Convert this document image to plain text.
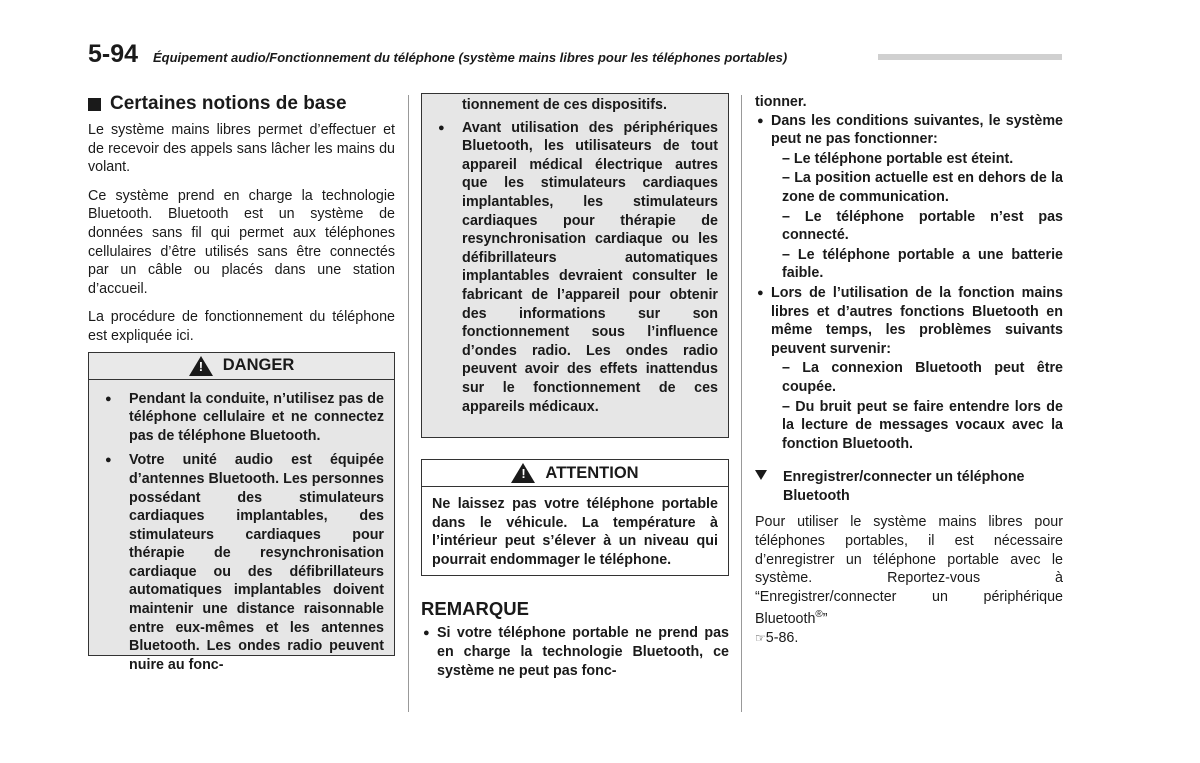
5-94 Équipement audio/Fonctionnement du téléphone (système mains libres pour les téléphones portables)
Certaines notions de base

Le système mains libres permet d’effectuer et de recevoir des appels sans lâcher les mains du volant.

Ce système prend en charge la technologie Bluetooth. Bluetooth est un système de données sans fil qui permet aux téléphones cellulaires d’être utilisés sans être connectés par un câble ou placés dans une station d’accueil.

La procédure de fonctionnement du téléphone est expliquée ici.

! DANGER
●	Pendant la conduite, n’utilisez pas de téléphone cellulaire et ne connectez pas de téléphone Bluetooth.
●	Votre unité audio est équipée d’antennes Bluetooth. Les personnes possédant des stimulateurs cardiaques implantables, des stimulateurs cardiaques pour thérapie de resynchronisation cardiaque ou des défibrillateurs automatiques implantables doivent maintenir une distance raisonnable entre eux-mêmes et les antennes Bluetooth. Les ondes radio peuvent nuire au fonc-
tionnement de ces dispositifs.
●	Avant utilisation des périphériques Bluetooth, les utilisateurs de tout appareil médical électrique autres que les stimulateurs cardiaques implantables, les stimulateurs cardiaques pour thérapie de resynchronisation cardiaque ou les défibrillateurs automatiques implantables devraient consulter le fabricant de l’appareil pour obtenir des informations sur son fonctionnement sous l’influence d’ondes radio. Les ondes radio peuvent avoir des effets inattendus sur le fonctionnement de ces appareils médicaux.
! ATTENTION

Ne laissez pas votre téléphone portable dans le véhicule. La température à l’intérieur peut s’élever à un niveau qui pourrait endommager le téléphone.

REMARQUE
● Si votre téléphone portable ne prend pas en charge la technologie Bluetooth, ce système ne peut pas fonc-

tionner.

● Dans les conditions suivantes, le système peut ne pas fonctionner:
– Le téléphone portable est éteint.
– La position actuelle est en dehors de la zone de communication.
– Le téléphone portable n’est pas connecté.
– Le téléphone portable a une batterie faible.
● Lors de l’utilisation de la fonction mains libres et d’autres fonctions Bluetooth en même temps, les problèmes suivants peuvent survenir:
– La connexion Bluetooth peut être coupée.
– Du bruit peut se faire entendre lors de la lecture de messages vocaux avec la fonction Bluetooth.
Enregistrer/connecter un téléphone Bluetooth

Pour utiliser le système mains libres pour téléphones portables, il est nécessaire d’enregistrer un téléphone portable avec le système. Reportez-vous à “Enregistrer/connecter un périphérique Bluetooth®”
☞5-86.
